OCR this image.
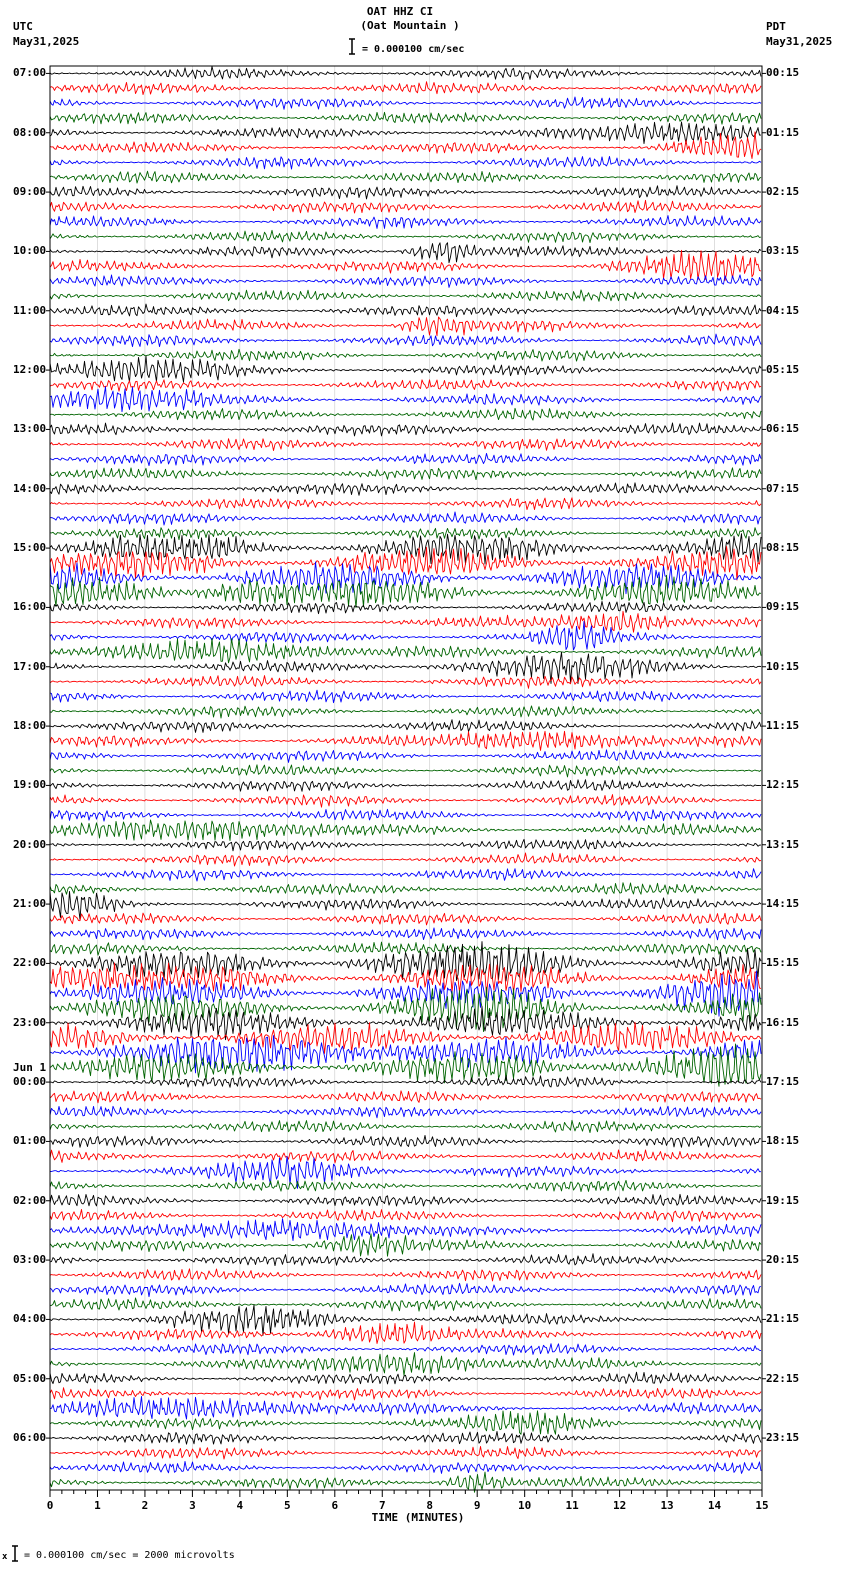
OAT HHZ CI
(Oat Mountain )
UTC
May31,2025
PDT
May31,2025
= 0.000100 cm/sec
07:00
08:00
09:00
10:00
11:00
12:00
13:00
14:00
15:00
16:00
17:00
18:00
19:00
20:00
21:00
22:00
23:00
00:00
Jun 1
01:00
02:00
03:00
04:00
05:00
06:00
00:15
01:15
02:15
03:15
04:15
05:15
06:15
07:15
08:15
09:15
10:15
11:15
12:15
13:15
14:15
15:15
16:15
17:15
18:15
19:15
20:15
21:15
22:15
23:15
0	1	2	3	4	5	6	7	8	9	10	11	12	13	14	15
TIME (MINUTES)
x = 0.000100 cm/sec = 2000 microvolts
